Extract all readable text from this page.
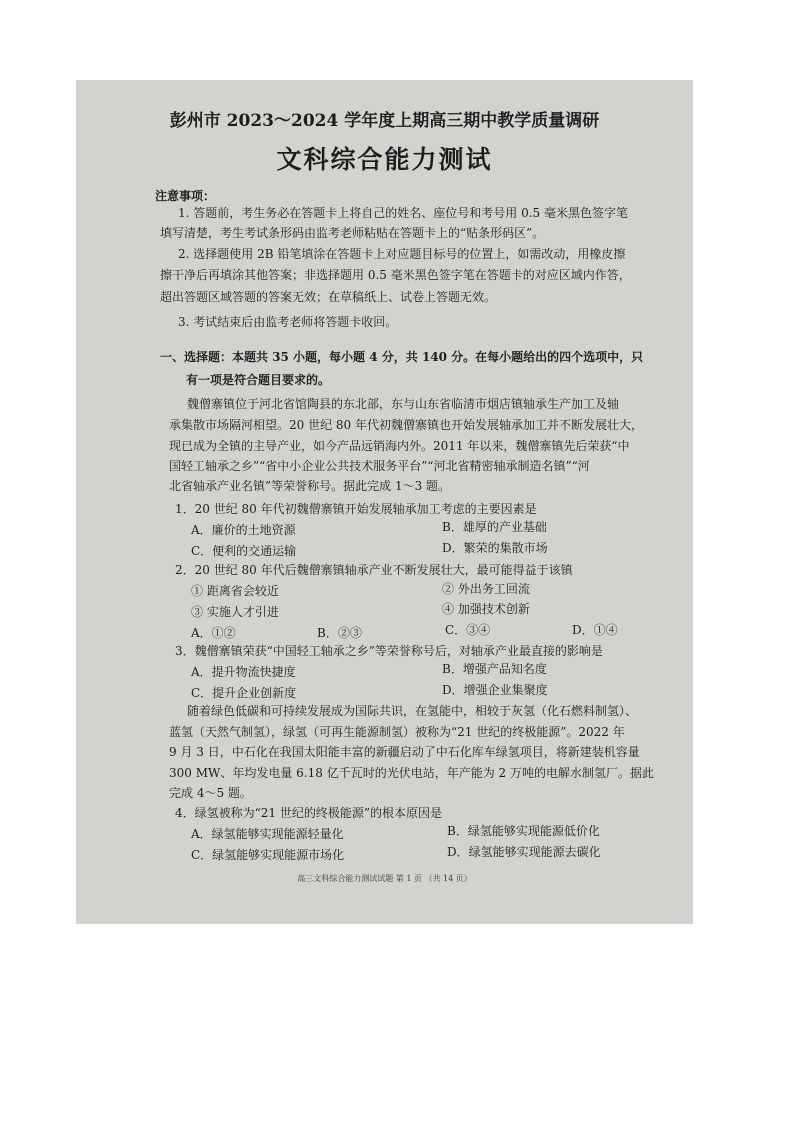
彭州市 2023～2024 学年度上期高三期中教学质量调研
文科综合能力测试
注意事项：
1. 答题前，考生务必在答题卡上将自己的姓名、座位号和考号用 0.5 毫米黑色签字笔
填写清楚，考生考试条形码由监考老师粘贴在答题卡上的“贴条形码区”。
2. 选择题使用 2B 铅笔填涂在答题卡上对应题目标号的位置上，如需改动，用橡皮擦
擦干净后再填涂其他答案；非选择题用 0.5 毫米黑色签字笔在答题卡的对应区域内作答，
超出答题区域答题的答案无效；在草稿纸上、试卷上答题无效。
3. 考试结束后由监考老师将答题卡收回。
一、选择题：本题共 35 小题，每小题 4 分，共 140 分。在每小题给出的四个选项中，只
有一项是符合题目要求的。
魏僧寨镇位于河北省馆陶县的东北部，东与山东省临清市烟店镇轴承生产加工及轴
承集散市场隔河相望。20 世纪 80 年代初魏僧寨镇也开始发展轴承加工并不断发展壮大，
现已成为全镇的主导产业，如今产品远销海内外。2011 年以来，魏僧寨镇先后荣获“中
国轻工轴承之乡”“省中小企业公共技术服务平台”“河北省精密轴承制造名镇”“河
北省轴承产业名镇”等荣誉称号。据此完成 1～3 题。
1．20 世纪 80 年代初魏僧寨镇开始发展轴承加工考虑的主要因素是
A．廉价的土地资源	B．雄厚的产业基础
C．便利的交通运输	D．繁荣的集散市场
2．20 世纪 80 年代后魏僧寨镇轴承产业不断发展壮大，最可能得益于该镇
① 距离省会较近	② 外出务工回流
③ 实施人才引进	④ 加强技术创新
A．①②	B．②③	C．③④	D．①④
3．魏僧寨镇荣获“中国轻工轴承之乡”等荣誉称号后，对轴承产业最直接的影响是
A．提升物流快捷度	B．增强产品知名度
C．提升企业创新度	D．增强企业集聚度
随着绿色低碳和可持续发展成为国际共识，在氢能中，相较于灰氢（化石燃料制氢）、
蓝氢（天然气制氢），绿氢（可再生能源制氢）被称为“21 世纪的终极能源”。2022 年
9 月 3 日，中石化在我国太阳能丰富的新疆启动了中石化库车绿氢项目，将新建装机容量
300 MW、年均发电量 6.18 亿千瓦时的光伏电站，年产能为 2 万吨的电解水制氢厂。据此
完成 4～5 题。
4．绿氢被称为“21 世纪的终极能源”的根本原因是
A．绿氢能够实现能源轻量化	B．绿氢能够实现能源低价化
C．绿氢能够实现能源市场化	D．绿氢能够实现能源去碳化
高三文科综合能力测试试题 第 1 页 （共 14 页）
